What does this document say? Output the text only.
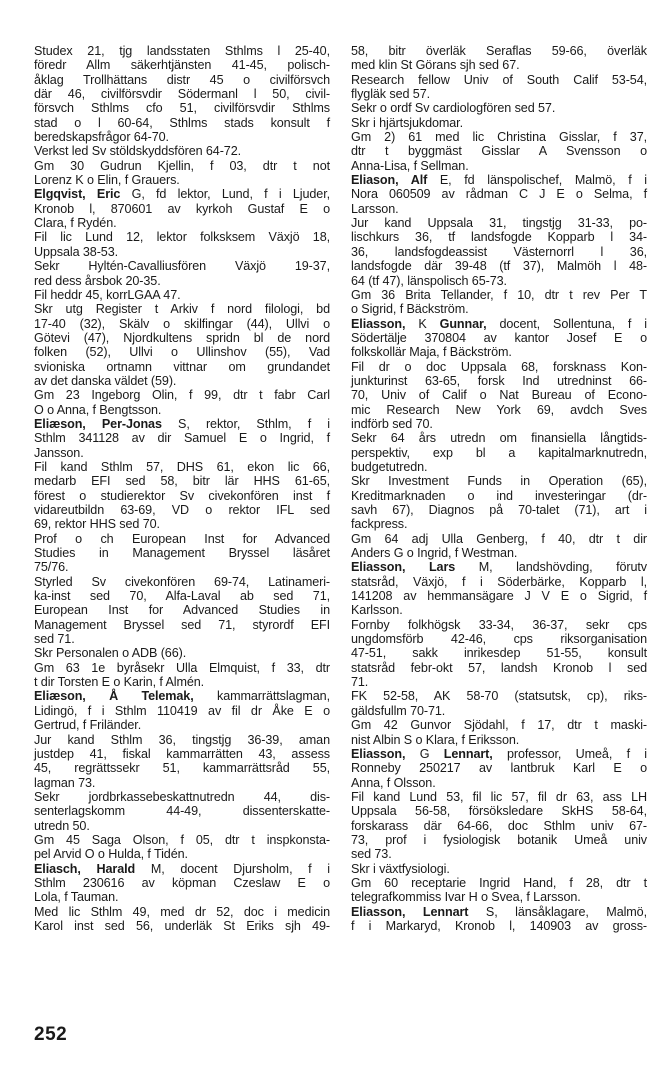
Studex 21, tjg landsstaten Sthlms l 25-40,
föredr Allm säkerhtjänsten 41-45, polisch-
åklag Trollhättans distr 45 o civilförsvch
där 46, civilförsvdir Södermanl l 50, civil-
försvch Sthlms cfo 51, civilförsvdir Sthlms
stad o l 60-64, Sthlms stads konsult f
beredskapsfrågor 64-70.
Verkst led Sv stöldskyddsfören 64-72.
Gm 30 Gudrun Kjellin, f 03, dtr t not
Lorenz K o Elin, f Grauers.
Elgqvist, Eric G, fd lektor, Lund, f i Ljuder,
Kronob l, 870601 av kyrkoh Gustaf E o
Clara, f Rydén.
Fil lic Lund 12, lektor folksksem Växjö 18,
Uppsala 38-53.
Sekr Hyltén-Cavalliusfören Växjö 19-37,
red dess årsbok 20-35.
Fil heddr 45, korrLGAA 47.
Skr utg Register t Arkiv f nord filologi, bd
17-40 (32), Skälv o skilfingar (44), Ullvi o
Götevi (47), Njordkultens spridn bl de nord
folken (52), Ullvi o Ullinshov (55), Vad
svioniska ortnamn vittnar om grundandet
av det danska väldet (59).
Gm 23 Ingeborg Olin, f 99, dtr t fabr Carl
O o Anna, f Bengtsson.
Eliæson, Per-Jonas S, rektor, Sthlm, f i
Sthlm 341128 av dir Samuel E o Ingrid, f
Jansson.
Fil kand Sthlm 57, DHS 61, ekon lic 66,
medarb EFI sed 58, bitr lär HHS 61-65,
förest o studierektor Sv civekonfören inst f
vidareutbildn 63-69, VD o rektor IFL sed
69, rektor HHS sed 70.
Prof o ch European Inst for Advanced
Studies in Management Bryssel läsåret
75/76.
Styrled Sv civekonfören 69-74, Latinameri-
ka-inst sed 70, Alfa-Laval ab sed 71,
European Inst for Advanced Studies in
Management Bryssel sed 71, styrordf EFI
sed 71.
Skr Personalen o ADB (66).
Gm 63 1e byråsekr Ulla Elmquist, f 33, dtr
t dir Torsten E o Karin, f Almén.
Eliæson, Å Telemak, kammarrättslagman,
Lidingö, f i Sthlm 110419 av fil dr Åke E o
Gertrud, f Friländer.
Jur kand Sthlm 36, tingstjg 36-39, aman
justdep 41, fiskal kammarrätten 43, assess
45, regrättssekr 51, kammarrättsråd 55,
lagman 73.
Sekr jordbrkassebeskattnutredn 44, dis-
senterlagskomm 44-49, dissenterskatte-
utredn 50.
Gm 45 Saga Olson, f 05, dtr t inspkonsta-
pel Arvid O o Hulda, f Tidén.
Eliasch, Harald M, docent Djursholm, f i
Sthlm 230616 av köpman Czeslaw E o
Lola, f Tauman.
Med lic Sthlm 49, med dr 52, doc i medicin
Karol inst sed 56, underläk St Eriks sjh 49-
58, bitr överläk Seraflas 59-66, överläk
med klin St Görans sjh sed 67.
Research fellow Univ of South Calif 53-54,
flygläk sed 57.
Sekr o ordf Sv cardiologfören sed 57.
Skr i hjärtsjukdomar.
Gm 2) 61 med lic Christina Gisslar, f 37,
dtr t byggmäst Gisslar A Svensson o
Anna-Lisa, f Sellman.
Eliason, Alf E, fd länspolischef, Malmö, f i
Nora 060509 av rådman C J E o Selma, f
Larsson.
Jur kand Uppsala 31, tingstjg 31-33, po-
lischkurs 36, tf landsfogde Kopparb l 34-
36, landsfogdeassist Västernorrl l 36,
landsfogde där 39-48 (tf 37), Malmöh l 48-
64 (tf 47), länspolisch 65-73.
Gm 36 Brita Tellander, f 10, dtr t rev Per T
o Sigrid, f Bäckström.
Eliasson, K Gunnar, docent, Sollentuna, f i
Södertälje 370804 av kantor Josef E o
folkskollär Maja, f Bäckström.
Fil dr o doc Uppsala 68, forsknass Kon-
junkturinst 63-65, forsk Ind utredninst 66-
70, Univ of Calif o Nat Bureau of Econo-
mic Research New York 69, avdch Sves
indförb sed 70.
Sekr 64 års utredn om finansiella långtids-
perspektiv, exp bl a kapitalmarknutredn,
budgetutredn.
Skr Investment Funds in Operation (65),
Kreditmarknaden o ind investeringar (dr-
savh 67), Diagnos på 70-talet (71), art i
fackpress.
Gm 64 adj Ulla Genberg, f 40, dtr t dir
Anders G o Ingrid, f Westman.
Eliasson, Lars M, landshövding, förutv
statsråd, Växjö, f i Söderbärke, Kopparb l,
141208 av hemmansägare J V E o Sigrid, f
Karlsson.
Fornby folkhögsk 33-34, 36-37, sekr cps
ungdomsförb 42-46, cps riksorganisation
47-51, sakk inrikesdep 51-55, konsult
statsråd febr-okt 57, landsh Kronob l sed
71.
FK 52-58, AK 58-70 (statsutsk, cp), riks-
gäldsfullm 70-71.
Gm 42 Gunvor Sjödahl, f 17, dtr t maski-
nist Albin S o Klara, f Eriksson.
Eliasson, G Lennart, professor, Umeå, f i
Ronneby 250217 av lantbruk Karl E o
Anna, f Olsson.
Fil kand Lund 53, fil lic 57, fil dr 63, ass LH
Uppsala 56-58, försöksledare SkHS 58-64,
forskarass där 64-66, doc Sthlm univ 67-
73, prof i fysiologisk botanik Umeå univ
sed 73.
Skr i växtfysiologi.
Gm 60 receptarie Ingrid Hand, f 28, dtr t
telegrafkommiss Ivar H o Svea, f Larsson.
Eliasson, Lennart S, länsåklagare, Malmö,
f i Markaryd, Kronob l, 140903 av gross-
252
